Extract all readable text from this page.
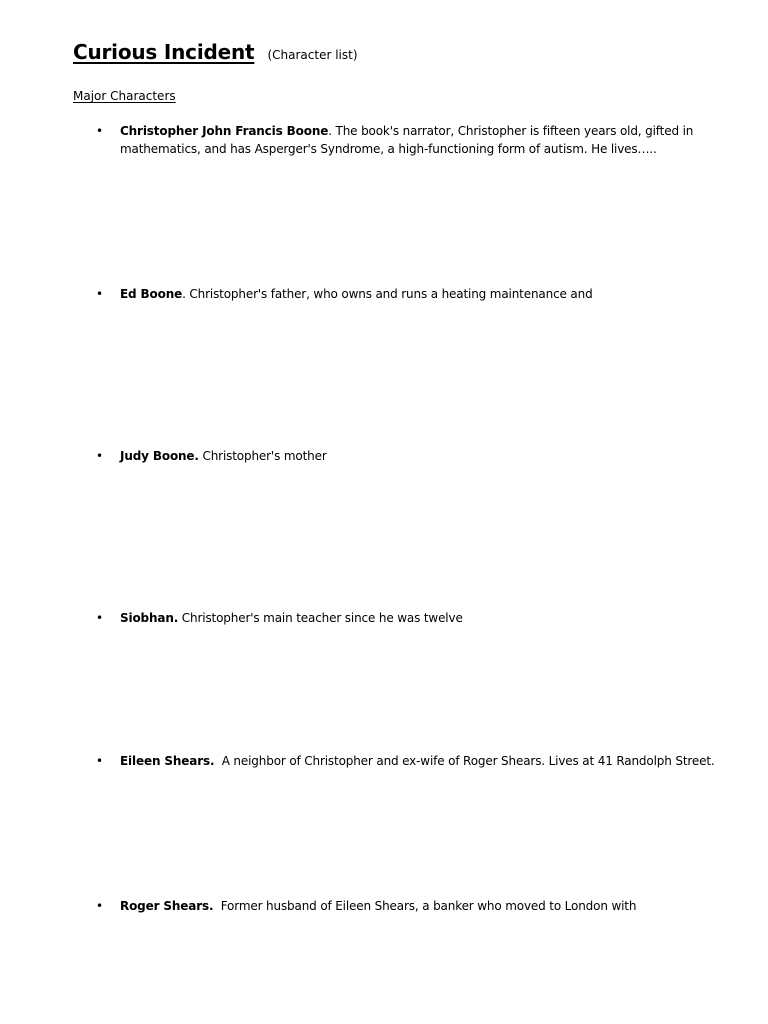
Curious Incident (Character list)
Major Characters
• Christopher John Francis Boone. The book's narrator, Christopher is fifteen years old, gifted in mathematics, and has Asperger's Syndrome, a high-functioning form of autism. He lives…..
• Ed Boone. Christopher's father, who owns and runs a heating maintenance and
• Judy Boone. Christopher's mother
• Siobhan. Christopher's main teacher since he was twelve
• Eileen Shears.  A neighbor of Christopher and ex-wife of Roger Shears. Lives at 41 Randolph Street.
• Roger Shears.  Former husband of Eileen Shears, a banker who moved to London with
